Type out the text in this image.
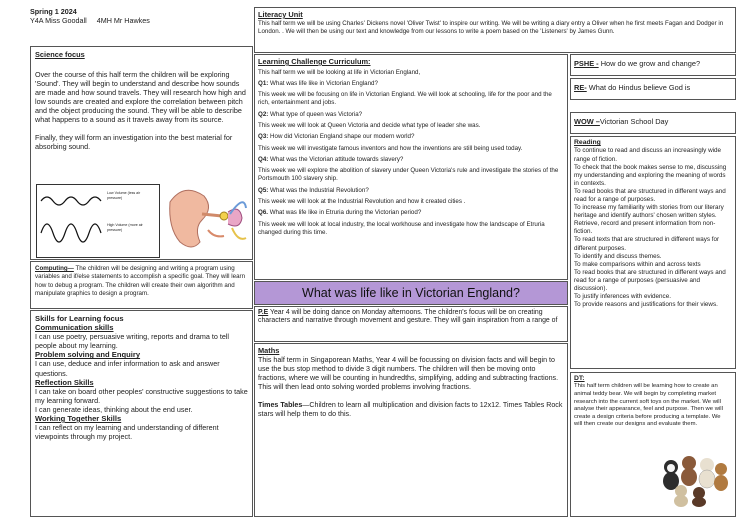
Spring 1 2024

Y4A Miss Goodall 4MH Mr Hawkes

Science focus

Over the course of this half term the children will be exploring 'Sound'. They will begin to understand and describe how sounds are made and how sound travels. They will research how high and low sounds are created and explore the correlation between pitch and the object producing the sound. They will be able to describe what happens to a sound as it travels away from its source.

Finally, they will form an investigation into the best material for absorbing sound.

Low Volume (less air pressure)
High Volume (more air pressure)

Computing— The children will be designing and writing a program using variables and if/else statements to accomplish a specific goal. They will learn how to debug a program. The children will create their own algorithm and manipulate graphics to design a program.

Skills for Learning focus

Communication skills

I can use poetry, persuasive writing, reports and drama to tell people about my learning.

Problem solving and Enquiry

I can use, deduce and infer information to ask and answer questions.

Reflection Skills

I can take on board other peoples' constructive suggestions to take my learning forward.

I can generate ideas, thinking about the end user.

Working Together Skills

I can reflect on my learning and understanding of different viewpoints through my project.

Literacy Unit

This half term we will be using Charles' Dickens novel 'Oliver Twist' to inspire our writing. We will be writing a diary entry a Oliver when he first meets Fagan and Dodger in London. . We will then be using our text and knowledge from our lessons to write a poem based on the 'Listeners' by James Gunn.

Learning Challenge Curriculum:

This half term we will be looking at life in Victorian England,

Q1: What was life like in Victorian England?

This week we will be focusing on life in Victorian England. We will look at schooling, life for the poor and the rich, entertainment and jobs.

Q2: What type of queen was Victoria?

This week we will look at Queen Victoria and decide what type of leader she was.

Q3: How did Victorian England shape our modern world?

This week we will investigate famous inventors and how the inventions are still being used today.

Q4: What was the Victorian attitude towards slavery?

This week we will explore the abolition of slavery under Queen Victoria's rule and investigate the stories of the Portsmouth 100 slavery ship.

Q5: What was the Industrial Revolution?

This week we will look at the Industrial Revolution and how it created cities .

Q6. What was life like in Etruria during the Victorian period?

This week we will look at local industry, the local workhouse and investigate how the landscape of Etruria changed during this time.

What was life like in Victorian England?

P.E Year 4 will be doing dance on Monday afternoons. The children's focus will be on creating characters and narrative through movement and gesture. They will gain inspiration from a range of

Maths

This half term in Singaporean Maths, Year 4 will be focussing on division facts and will begin to use the bus stop method to divide 3 digit numbers. The children will then be moving onto fractions, where we will be counting in hundredths, simplifying, adding and subtracting fractions. This will then lead onto solving worded problems involving fractions.

Times Tables—Children to learn all multiplication and division facts to 12x12. Times Tables Rock stars will help them to do this.

PSHE - How do we grow and change?

RE- What do Hindus believe God is

WOW –Victorian School Day

Reading

To continue to read and discuss an increasingly wide range of fiction.

To check that the book makes sense to me, discussing my understanding and exploring the meaning of words in contexts.

To read books that are structured in different ways and read for a range of purposes.

To increase my familiarity with stories from our literary heritage and identify authors' chosen written styles.

Retrieve, record and present information from non-fiction.

To read texts that are structured in different ways for different purposes.

To identify and discuss themes.

To make comparisons within and across texts

To read books that are structured in different ways and read for a range of purposes (persuasive and discussion).

To justify inferences with evidence.

To provide reasons and justifications for their views.

DT:

This half term children will be learning how to create an animal teddy bear. We will begin by completing market research into the current soft toys on the market. We will analyse their appearance, feel and purpose. Then we will create a design criteria before producing a template. We will then create our designs and evaluate them.
